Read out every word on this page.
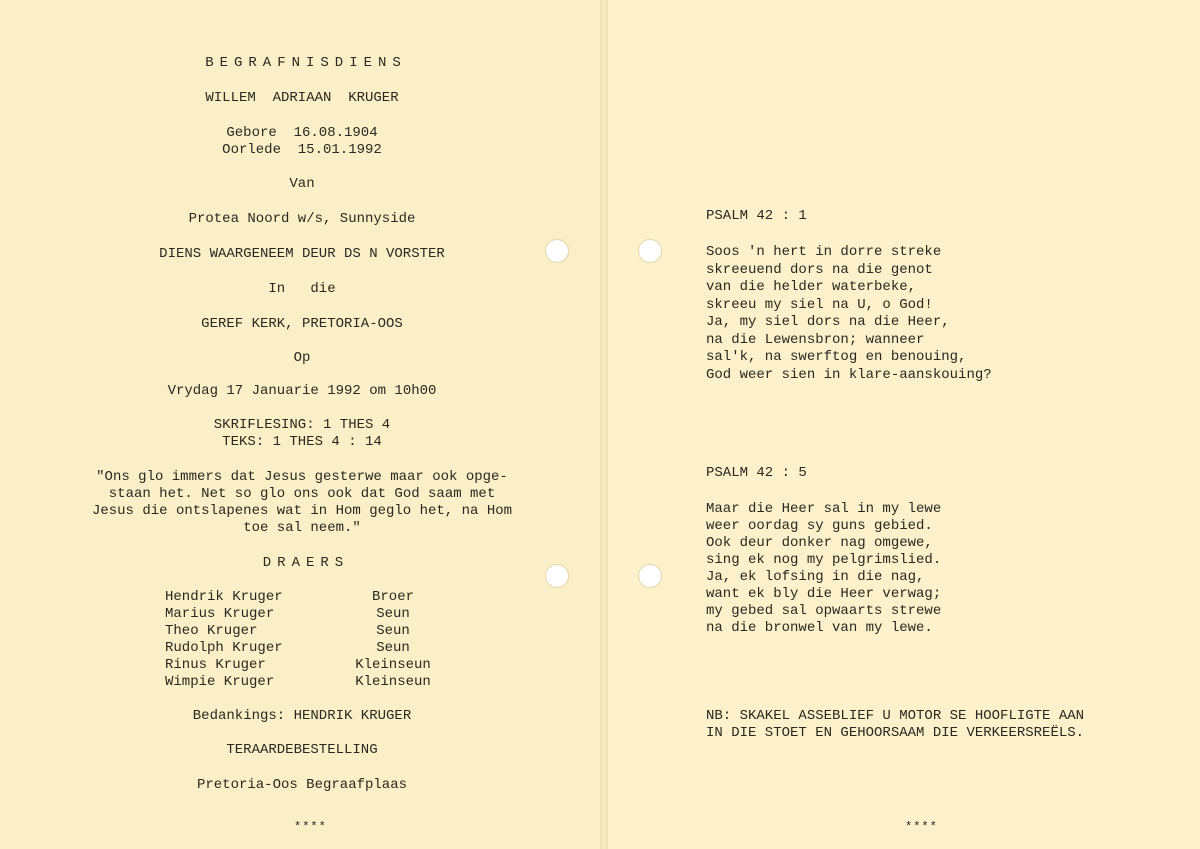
BEGRAFNISDIENS
WILLEM  ADRIAAN  KRUGER
Gebore  16.08.1904
Oorlede  15.01.1992
Van
Protea Noord w/s, Sunnyside
DIENS WAARGENEEM DEUR DS N VORSTER
In   die
GEREF KERK, PRETORIA-OOS
Op
Vrydag 17 Januarie 1992 om 10h00
SKRIFLESING: 1 THES 4
TEKS: 1 THES 4 : 14
"Ons glo immers dat Jesus gesterwe maar ook opge-
staan het. Net so glo ons ook dat God saam met
Jesus die ontslapenes wat in Hom geglo het, na Hom
toe sal neem."
DRAERS
Hendrik Kruger	Broer
Marius Kruger	Seun
Theo Kruger	Seun
Rudolph Kruger	Seun
Rinus Kruger	Kleinseun
Wimpie Kruger	Kleinseun
Bedankings: HENDRIK KRUGER
TERAARDEBESTELLING
Pretoria-Oos Begraafplaas
****
PSALM 42 : 1
Soos 'n hert in dorre streke
skreeuend dors na die genot
van die helder waterbeke,
skreeu my siel na U, o God!
Ja, my siel dors na die Heer,
na die Lewensbron; wanneer
sal'k, na swerftog en benouing,
God weer sien in klare-aanskouing?
PSALM 42 : 5
Maar die Heer sal in my lewe
weer oordag sy guns gebied.
Ook deur donker nag omgewe,
sing ek nog my pelgrimslied.
Ja, ek lofsing in die nag,
want ek bly die Heer verwag;
my gebed sal opwaarts strewe
na die bronwel van my lewe.
NB: SKAKEL ASSEBLIEF U MOTOR SE HOOFLIGTE AAN
IN DIE STOET EN GEHOORSAAM DIE VERKEERSREËLS.
****
